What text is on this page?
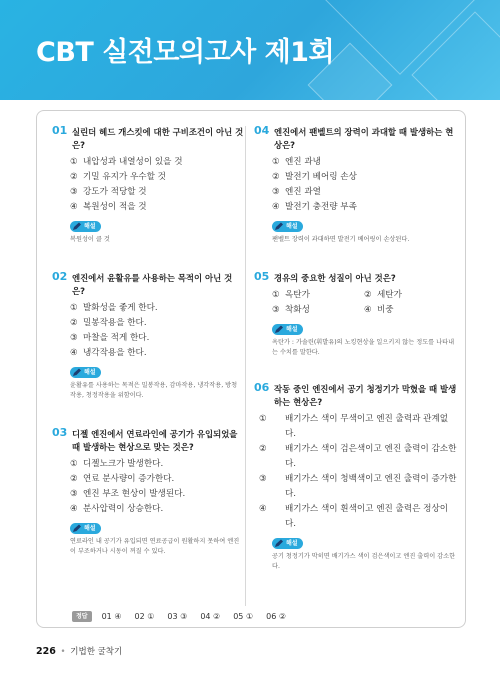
CBT 실전모의고사 제1회
01 실린더 헤드 개스킷에 대한 구비조건이 아닌 것은?
① 내압성과 내열성이 있을 것
② 기밀 유지가 우수할 것
③ 강도가 적당할 것
④ 복원성이 적을 것
해설
복원성이 클 것
02 엔진에서 윤활유를 사용하는 목적이 아닌 것은?
① 발화성을 좋게 한다.
② 밀봉작용을 한다.
③ 마찰을 적게 한다.
④ 냉각작용을 한다.
해설
윤활유를 사용하는 목적은 밀봉작용, 감마작용, 냉각작용, 방청작용, 청정작용을 위함이다.
03 디젤 엔진에서 연료라인에 공기가 유입되었을 때 발생하는 현상으로 맞는 것은?
① 디젤노크가 발생한다.
② 연료 분사량이 증가한다.
③ 엔진 부조 현상이 발생된다.
④ 분사압력이 상승한다.
해설
연료라인 내 공기가 유입되면 연료공급이 원활하지 못하여 엔진이 부조하거나 시동이 꺼질 수 있다.
04 엔진에서 팬벨트의 장력이 과대할 때 발생하는 현상은?
① 엔진 과냉
② 발전기 베어링 손상
③ 엔진 과열
④ 발전기 충전량 부족
해설
팬벨트 장력이 과대하면 발전기 베어링이 손상된다.
05 경유의 중요한 성질이 아닌 것은?
① 옥탄가	② 세탄가
③ 착화성	④ 비중
해설
옥탄가 : 가솔린(휘발유)의 노킹현상을 일으키지 않는 정도를 나타내는 수치를 말한다.
06 작동 중인 엔진에서 공기 청정기가 막혔을 때 발생하는 현상은?
① 배기가스 색이 무색이고 엔진 출력과 관계없다.
② 배기가스 색이 검은색이고 엔진 출력이 감소한다.
③ 배기가스 색이 청백색이고 엔진 출력이 증가한다.
④ 배기가스 색이 흰색이고 엔진 출력은 정상이다.
해설
공기 청정기가 막히면 배기가스 색이 검은색이고 엔진 출력이 감소한다.
정답	01 ④ 02 ① 03 ③ 04 ② 05 ① 06 ②
226 • 기법한 굴착기
